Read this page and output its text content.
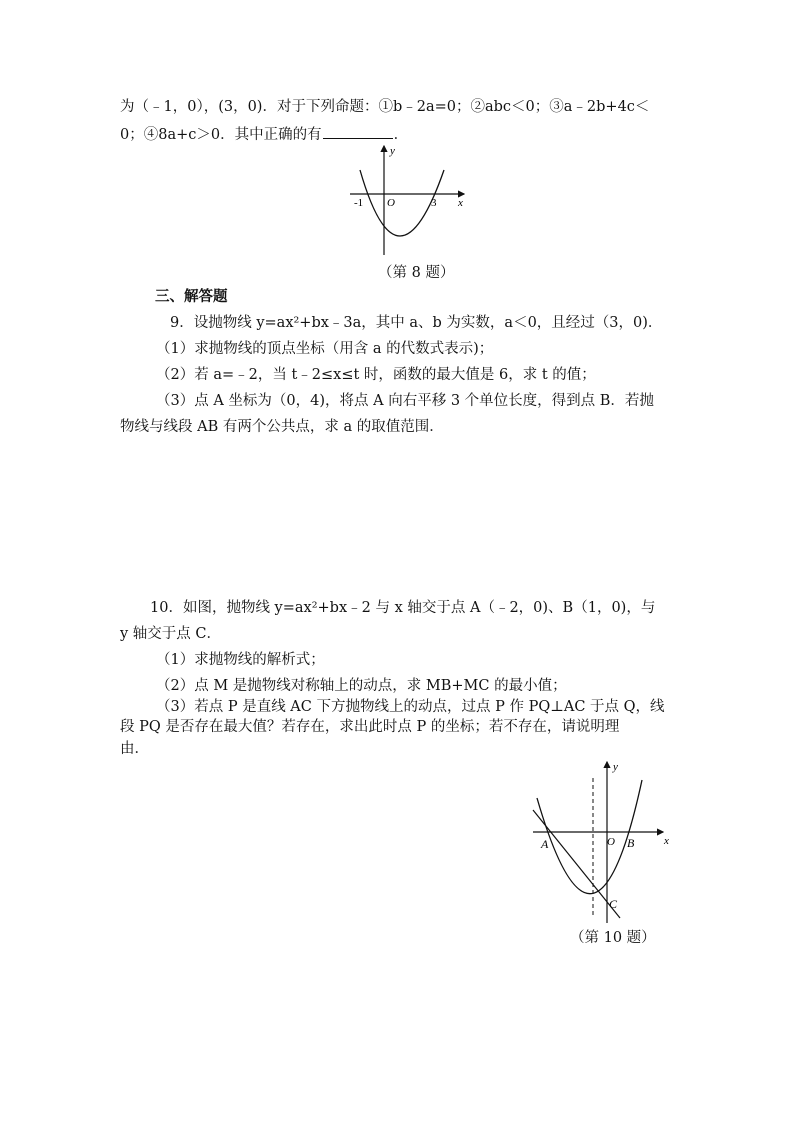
为（﹣1，0），(3，0)．对于下列命题：①b﹣2a=0；②abc＜0；③a﹣2b+4c＜
0；④8a+c＞0．其中正确的有	．
y
x
O
-1	3
（第 8 题）
三、解答题
9．设抛物线 y=ax²+bx﹣3a，其中 a、b 为实数，a＜0，且经过（3，0)．
（1）求抛物线的顶点坐标（用含 a 的代数式表示)；
（2）若 a=﹣2，当 t﹣2≤x≤t 时，函数的最大值是 6，求 t 的值；
（3）点 A 坐标为（0，4)，将点 A 向右平移 3 个单位长度，得到点 B．若抛
物线与线段 AB 有两个公共点，求 a 的取值范围．
10．如图，抛物线 y=ax²+bx﹣2 与 x 轴交于点 A（﹣2，0)、B（1，0)，与
y 轴交于点 C．
（1）求抛物线的解析式；
（2）点 M 是抛物线对称轴上的动点，求 MB+MC 的最小值；
（3）若点 P 是直线 AC 下方抛物线上的动点，过点 P 作 PQ⊥AC 于点 Q，线
段 PQ 是否存在最大值？若存在，求出此时点 P 的坐标；若不存在，请说明理
由．
A	B
C
O
y
x
（第 10 题）
